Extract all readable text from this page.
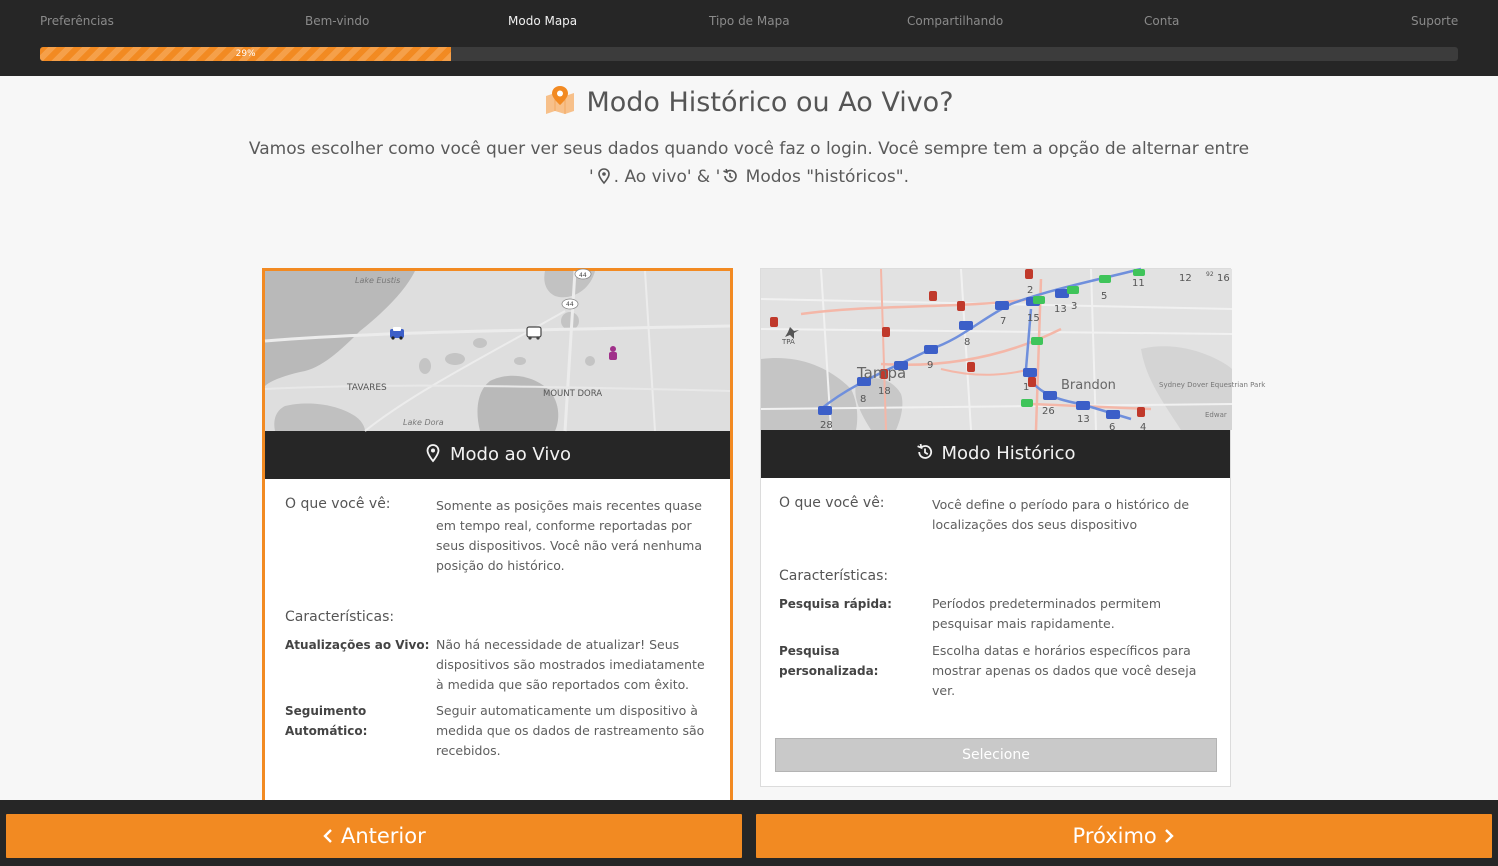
Preferências	Bem-vindo	Modo Mapa	Tipo de Mapa	Compartilhando	Conta	Suporte
29%
Modo Histórico ou Ao Vivo?
Vamos escolher como você quer ver seus dados quando você faz o login. Você sempre tem a opção de alternar entre
' . Ao vivo' & ' Modos "históricos".
Lake Eustis
TAVARES
MOUNT DORA
Lake Dora
44
44
Modo ao Vivo
O que você vê:	Somente as posições mais recentes quase em tempo real, conforme reportadas por seus dispositivos. Você não verá nenhuma posição do histórico.
Características:
Atualizações ao Vivo: Não há necessidade de atualizar! Seus dispositivos são mostrados imediatamente à medida que são reportados com êxito.
Seguimento Automático:
Seguir automaticamente um dispositivo à medida que os dados de rastreamento são recebidos.
TPA
Tampa
Brandon	Sydney Dover Equestrian Park
Edwar
2
7
8
15
13 3
5
11	12	16
9
18
8
28
26
13
6 4
1
92
Modo Histórico
O que você vê:	Você define o período para o histórico de localizações dos seus dispositivo
Características:
Pesquisa rápida:	Períodos predeterminados permitem pesquisar mais rapidamente.
Pesquisa personalizada:
Escolha datas e horários específicos para mostrar apenas os dados que você deseja ver.
Selecione
Anterior	Próximo
